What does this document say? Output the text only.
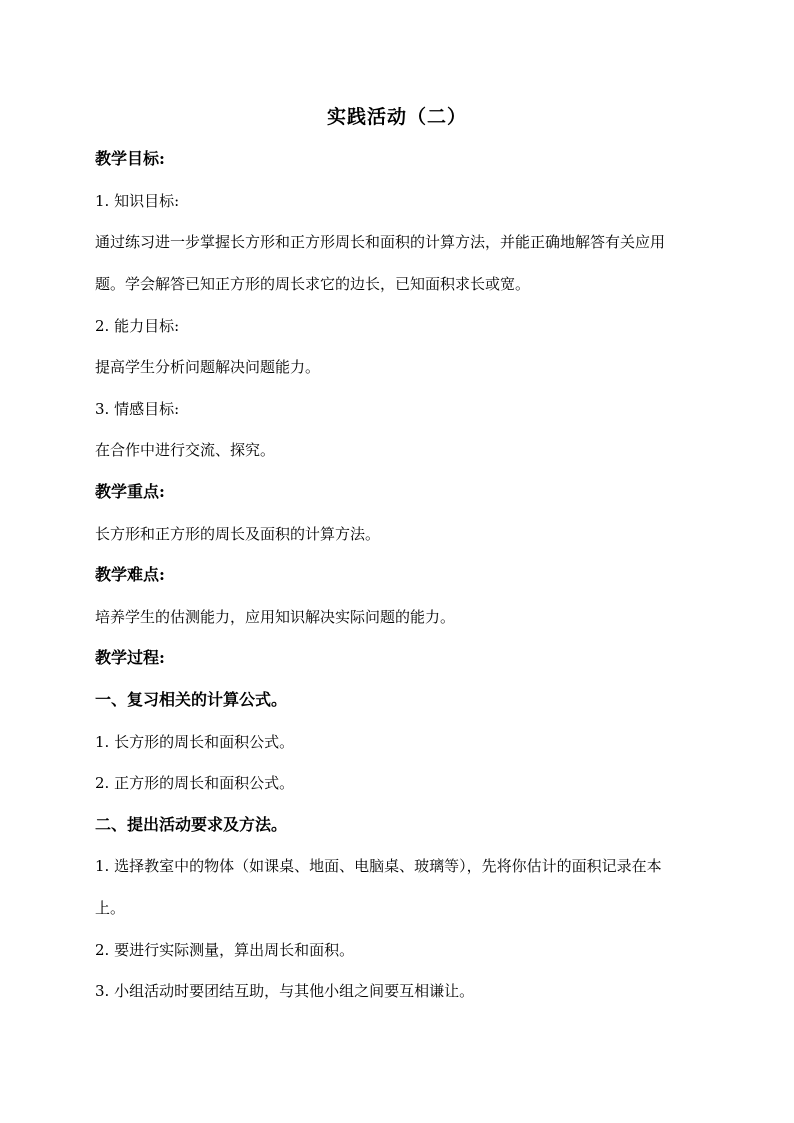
实践活动（二）
教学目标:
1. 知识目标:
通过练习进一步掌握长方形和正方形周长和面积的计算方法，并能正确地解答有关应用
题。学会解答已知正方形的周长求它的边长，已知面积求长或宽。
2. 能力目标:
提高学生分析问题解决问题能力。
3. 情感目标:
在合作中进行交流、探究。
教学重点:
长方形和正方形的周长及面积的计算方法。
教学难点:
培养学生的估测能力，应用知识解决实际问题的能力。
教学过程:
一、复习相关的计算公式。
1. 长方形的周长和面积公式。
2. 正方形的周长和面积公式。
二、提出活动要求及方法。
1. 选择教室中的物体（如课桌、地面、电脑桌、玻璃等），先将你估计的面积记录在本
上。
2. 要进行实际测量，算出周长和面积。
3. 小组活动时要团结互助，与其他小组之间要互相谦让。
